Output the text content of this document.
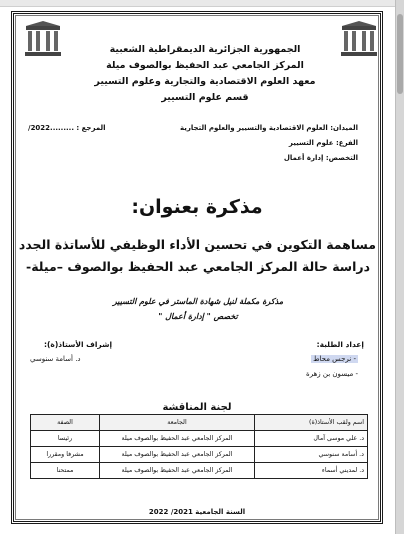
الجمهورية الجزائرية الديمقراطية الشعبية
المركز الجامعي عبد الحفيظ بوالصوف ميلة
معهد العلوم الاقتصادية والتجارية وعلوم التسيير
قسم علوم التسيير
الميدان: العلوم الاقتصادية والتسيير والعلوم التجارية
الفرع: علوم التسيير
التخصص: إدارة أعمال
المرجع : .........2022/
مذكرة بعنوان:
مساهمة التكوين في تحسين الأداء الوظيفي للأساتذة الجدد
دراسة حالة المركز الجامعي عبد الحفيظ بوالصوف –ميلة-
مذكرة مكملة لنيل شهادة الماستر في علوم التسيير
تخصص " إدارة أعمال "
إعداد الطلبة:
- نرجس محاط
- ميسون بن زهرة
إشراف الأستاذ(ة):
د. أسامة سنوسي
لجنة المناقشة
اسم ولقب الأستاذ(ة)	الجامعة	الصفة
د. علي موسى آمال	المركز الجامعي عبد الحفيظ بوالصوف ميلة	رئيسا
د. أسامة سنوسي	المركز الجامعي عبد الحفيظ بوالصوف ميلة	مشرفا ومقررا
د. لمديني أسماء	المركز الجامعي عبد الحفيظ بوالصوف ميلة	ممتحنا
السنة الجامعية 2021/ 2022
